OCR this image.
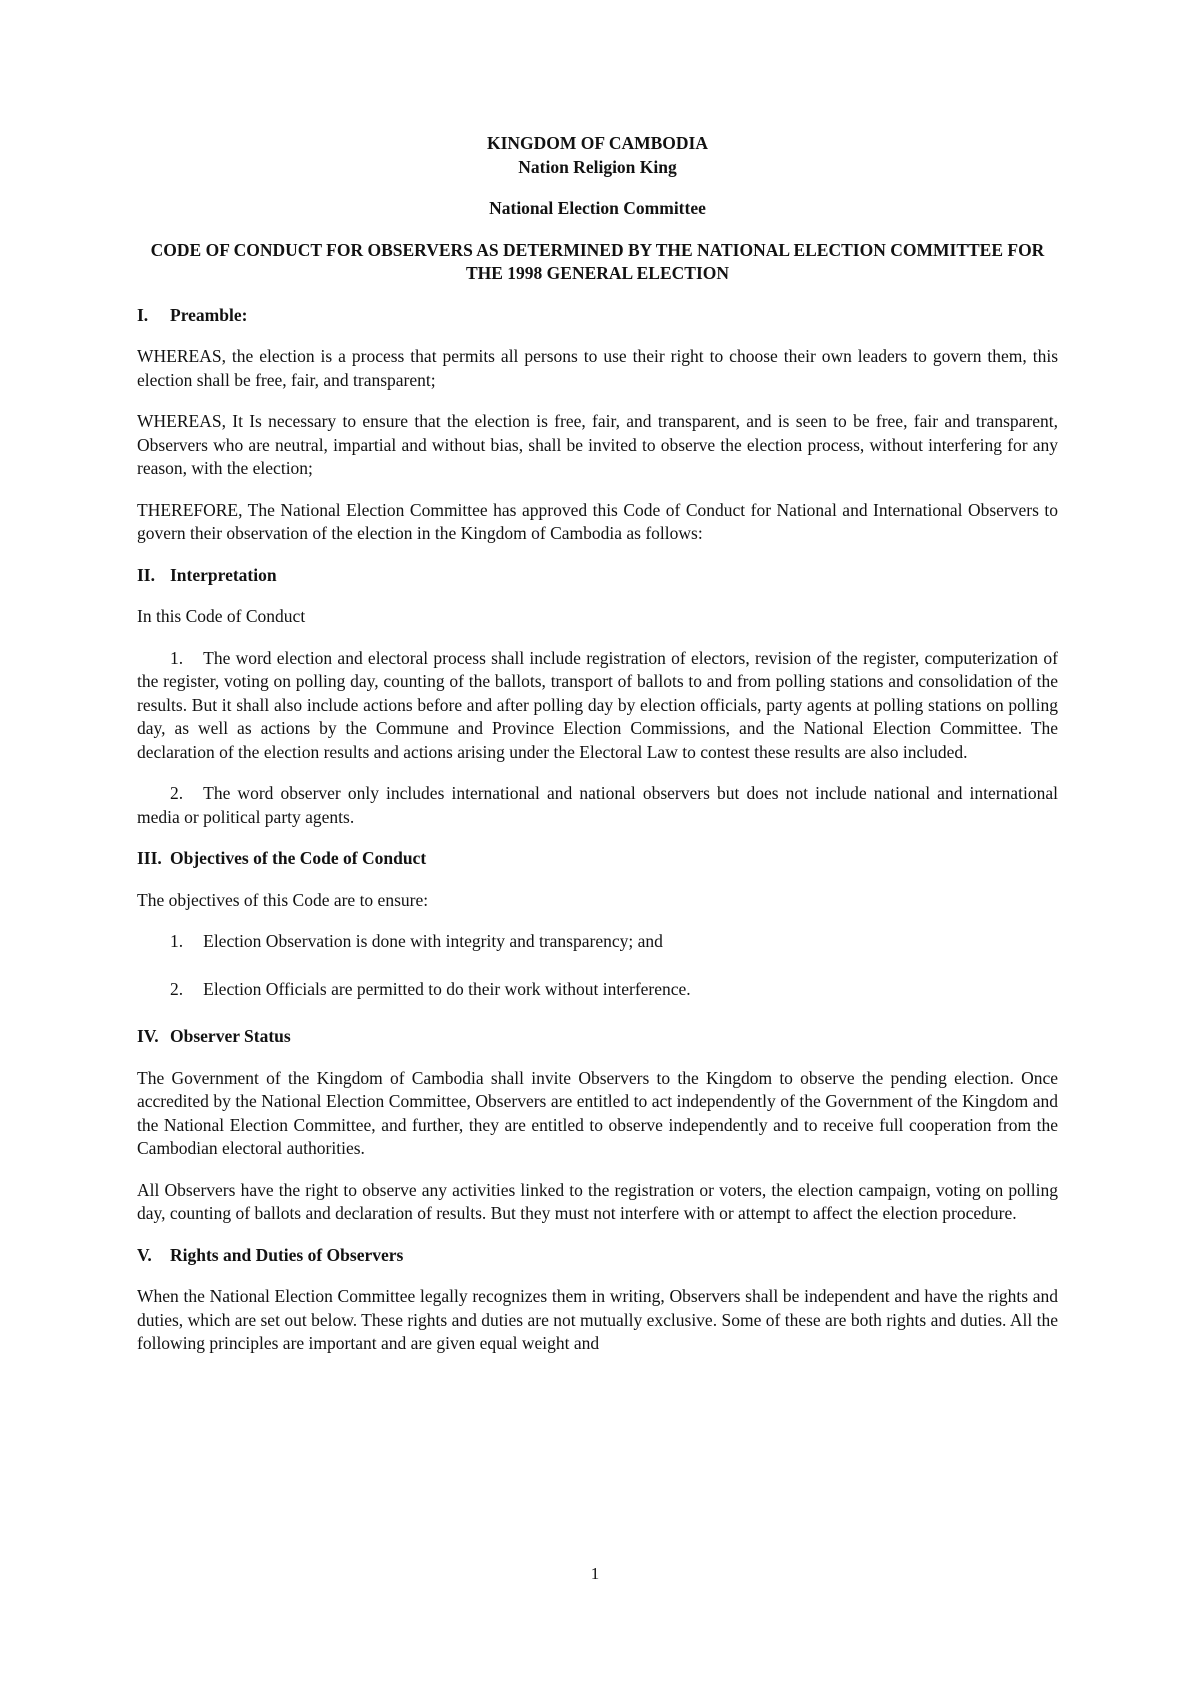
KINGDOM OF CAMBODIA
Nation Religion King
National Election Committee
CODE OF CONDUCT FOR OBSERVERS AS DETERMINED BY THE NATIONAL ELECTION COMMITTEE FOR THE 1998 GENERAL ELECTION
I. Preamble:

WHEREAS, the election is a process that permits all persons to use their right to choose their own leaders to govern them, this election shall be free, fair, and transparent;

WHEREAS, It Is necessary to ensure that the election is free, fair, and transparent, and is seen to be free, fair and transparent, Observers who are neutral, impartial and without bias, shall be invited to observe the election process, without interfering for any reason, with the election;

THEREFORE, The National Election Committee has approved this Code of Conduct for National and International Observers to govern their observation of the election in the Kingdom of Cambodia as follows:

II. Interpretation

In this Code of Conduct

1. The word election and electoral process shall include registration of electors, revision of the register, computerization of the register, voting on polling day, counting of the ballots, transport of ballots to and from polling stations and consolidation of the results. But it shall also include actions before and after polling day by election officials, party agents at polling stations on polling day, as well as actions by the Commune and Province Election Commissions, and the National Election Committee. The declaration of the election results and actions arising under the Electoral Law to contest these results are also included.
2. The word observer only includes international and national observers but does not include national and international media or political party agents.
III. Objectives of the Code of Conduct

The objectives of this Code are to ensure:

1. Election Observation is done with integrity and transparency; and
2. Election Officials are permitted to do their work without interference.
IV. Observer Status

The Government of the Kingdom of Cambodia shall invite Observers to the Kingdom to observe the pending election. Once accredited by the National Election Committee, Observers are entitled to act independently of the Government of the Kingdom and the National Election Committee, and further, they are entitled to observe independently and to receive full cooperation from the Cambodian electoral authorities.

All Observers have the right to observe any activities linked to the registration or voters, the election campaign, voting on polling day, counting of ballots and declaration of results. But they must not interfere with or attempt to affect the election procedure.

V. Rights and Duties of Observers

When the National Election Committee legally recognizes them in writing, Observers shall be independent and have the rights and duties, which are set out below. These rights and duties are not mutually exclusive. Some of these are both rights and duties. All the following principles are important and are given equal weight and

1
